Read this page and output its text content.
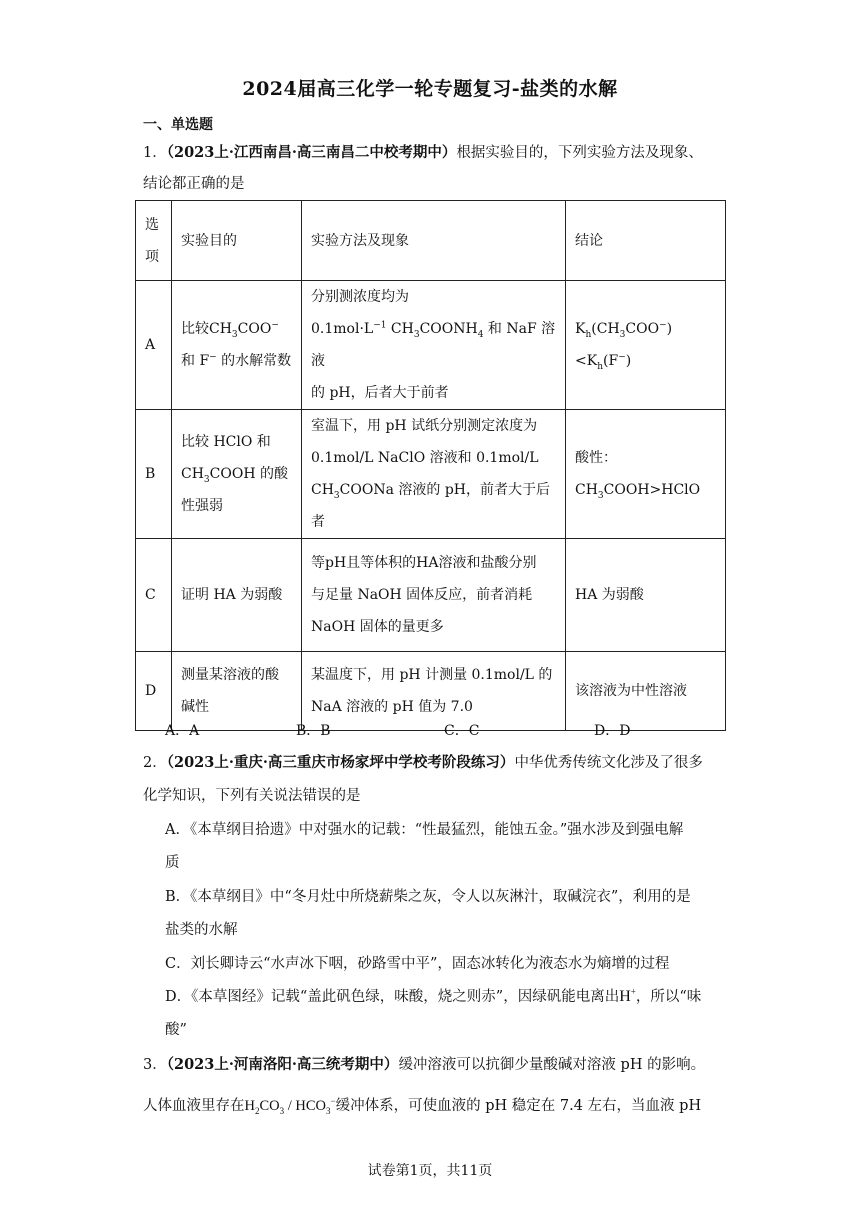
2024届高三化学一轮专题复习-盐类的水解
一、单选题
1．（2023上·江西南昌·高三南昌二中校考期中）根据实验目的，下列实验方法及现象、
结论都正确的是
选
项	实验目的	实验方法及现象	结论
A	比较$CH_3COO^-$
和 F− 的水解常数	分别测浓度均为
$0.1mol\cdot L^{-1}$ $CH_3COONH_4$ 和 NaF 溶液
的 pH，后者大于前者	$K_h(CH_3COO^-)<K_h(F^-)$
B	比较 HClO 和
$CH_3COOH$ 的酸
性强弱	室温下，用 pH 试纸分别测定浓度为
0.1mol/L NaClO 溶液和 0.1mol/L
$CH_3COONa$ 溶液的 pH，前者大于后者	酸性：
$CH_3COOH>HClO$
C	证明 HA 为弱酸	等pH且等体积的HA溶液和盐酸分别
与足量 NaOH 固体反应，前者消耗
NaOH 固体的量更多	HA 为弱酸
D	测量某溶液的酸
碱性	某温度下，用 pH 计测量 0.1mol/L 的
NaA 溶液的 pH 值为 7.0	该溶液为中性溶液
A．A	B．B	C．C	D．D
2．（2023上·重庆·高三重庆市杨家坪中学校考阶段练习）中华优秀传统文化涉及了很多
化学知识，下列有关说法错误的是
A．《本草纲目拾遗》中对强水的记载：“性最猛烈，能蚀五金。”强水涉及到强电解
质
B．《本草纲目》中“冬月灶中所烧薪柴之灰，令人以灰淋汁，取碱浣衣”，利用的是
盐类的水解
C．刘长卿诗云“水声冰下咽，砂路雪中平”，固态冰转化为液态水为熵增的过程
D．《本草图经》记载“盖此矾色绿，味酸，烧之则赤”，因绿矾能电离出H+，所以“味
酸”
3．（2023上·河南洛阳·高三统考期中）缓冲溶液可以抗御少量酸碱对溶液 pH 的影响。
人体血液里存在$H_2CO_3 / HCO_3^-$缓冲体系，可使血液的 pH 稳定在 7.4 左右，当血液 pH
试卷第1页，共11页
